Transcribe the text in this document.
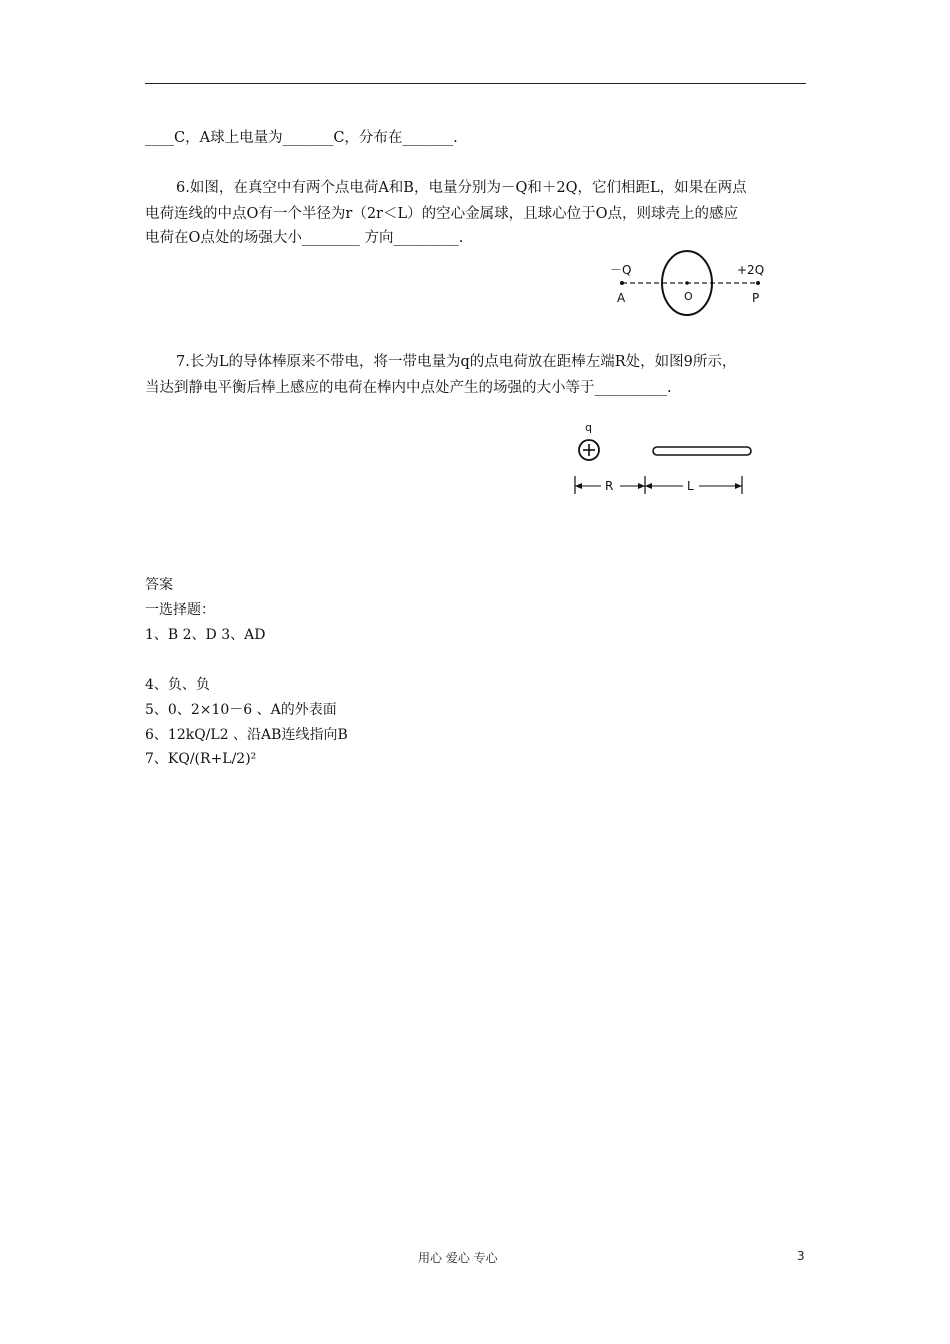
____C，A球上电量为_______C，分布在_______.
6.如图，在真空中有两个点电荷A和B，电量分别为－Q和＋2Q，它们相距L，如果在两点
电荷连线的中点O有一个半径为r（2r＜L）的空心金属球，且球心位于O点，则球壳上的感应
电荷在O点处的场强大小________ 方向_________.
－Q	+2Q
A	O	P
7.长为L的导体棒原来不带电，将一带电量为q的点电荷放在距棒左端R处，如图9所示，
当达到静电平衡后棒上感应的电荷在棒内中点处产生的场强的大小等于__________.
q
R	L
答案
一选择题：
1、B 2、D 3、AD
4、负、负
5、0、2×10－6 、A的外表面
6、12kQ/L2 、沿AB连线指向B
7、KQ/(R+L/2)²
用心 爱心 专心	3
